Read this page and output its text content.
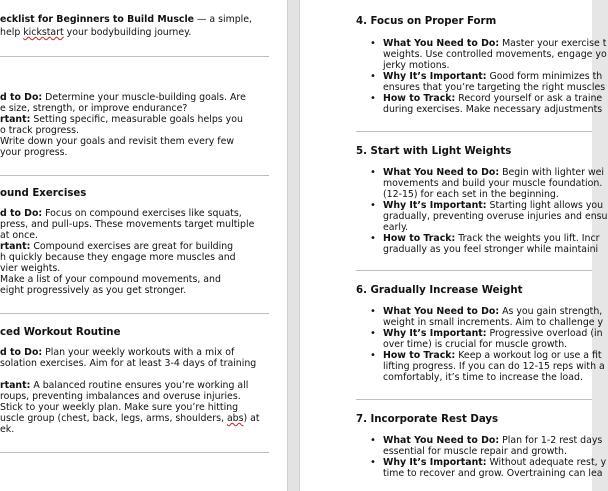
ecklist for Beginners to Build Muscle — a simple,
help kickstart your bodybuilding journey.
d to Do: Determine your muscle-building goals. Are
e size, strength, or improve endurance?
rtant: Setting specific, measurable goals helps you
o track progress.
Write down your goals and revisit them every few
your progress.
ound Exercises
d to Do: Focus on compound exercises like squats,
press, and pull-ups. These movements target multiple
at once.
rtant: Compound exercises are great for building
h quickly because they engage more muscles and
vier weights.
Make a list of your compound movements, and
eight progressively as you get stronger.
ced Workout Routine
d to Do: Plan your weekly workouts with a mix of
solation exercises. Aim for at least 3-4 days of training
rtant: A balanced routine ensures you’re working all
roups, preventing imbalances and overuse injuries.
Stick to your weekly plan. Make sure you’re hitting
uscle group (chest, back, legs, arms, shoulders, abs) at
ek.
4. Focus on Proper Form
• What You Need to Do: Master your exercise t
weights. Use controlled movements, engage yo
jerky motions.
• Why It’s Important: Good form minimizes th
ensures that you’re targeting the right muscles
• How to Track: Record yourself or ask a traine
during exercises. Make necessary adjustments
5. Start with Light Weights
• What You Need to Do: Begin with lighter wei
movements and build your muscle foundation.
(12-15) for each set in the beginning.
• Why It’s Important: Starting light allows you
gradually, preventing overuse injuries and ensu
early.
• How to Track: Track the weights you lift. Incr
gradually as you feel stronger while maintaini
6. Gradually Increase Weight
• What You Need to Do: As you gain strength,
weight in small increments. Aim to challenge y
• Why It’s Important: Progressive overload (in
over time) is crucial for muscle growth.
• How to Track: Keep a workout log or use a fit
lifting progress. If you can do 12-15 reps with a
comfortably, it’s time to increase the load.
7. Incorporate Rest Days
• What You Need to Do: Plan for 1-2 rest days
essential for muscle repair and growth.
• Why It’s Important: Without adequate rest, y
time to recover and grow. Overtraining can lea
